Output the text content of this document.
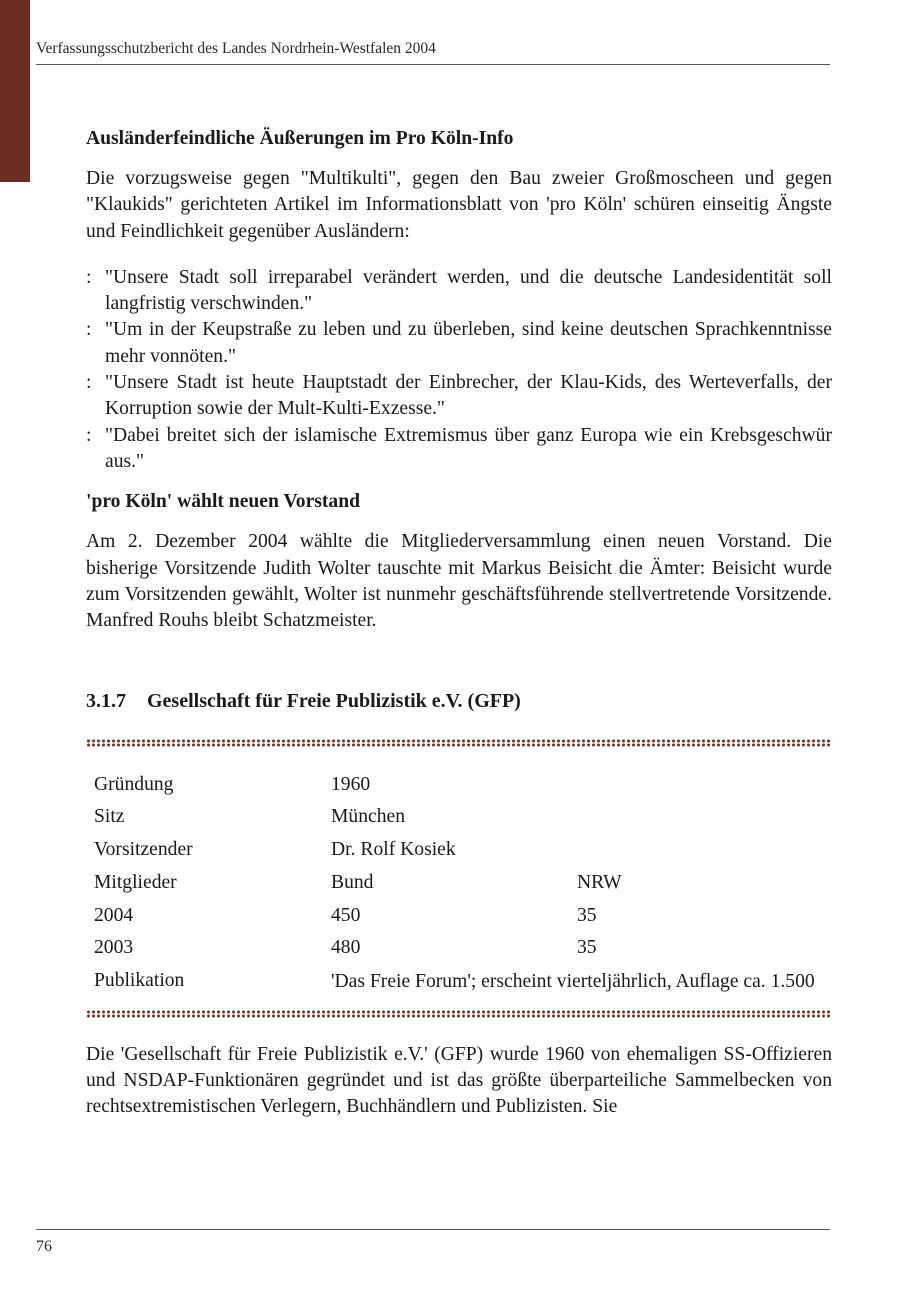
Verfassungsschutzbericht des Landes Nordrhein-Westfalen 2004
Ausländerfeindliche Äußerungen im Pro Köln-Info

Die vorzugsweise gegen "Multikulti", gegen den Bau zweier Großmoscheen und gegen "Klaukids" gerichteten Artikel im Informationsblatt von 'pro Köln' schüren einseitig Ängste und Feindlichkeit gegenüber Ausländern:

: "Unsere Stadt soll irreparabel verändert werden, und die deutsche Landesidentität soll langfristig verschwinden."
: "Um in der Keupstraße zu leben und zu überleben, sind keine deutschen Sprachkenntnisse mehr vonnöten."
: "Unsere Stadt ist heute Hauptstadt der Einbrecher, der Klau-Kids, des Werteverfalls, der Korruption sowie der Mult-Kulti-Exzesse."
: "Dabei breitet sich der islamische Extremismus über ganz Europa wie ein Krebsgeschwür aus."
'pro Köln' wählt neuen Vorstand

Am 2. Dezember 2004 wählte die Mitgliederversammlung einen neuen Vorstand. Die bisherige Vorsitzende Judith Wolter tauschte mit Markus Beisicht die Ämter: Beisicht wurde zum Vorsitzenden gewählt, Wolter ist nunmehr geschäftsführende stellvertretende Vorsitzende. Manfred Rouhs bleibt Schatzmeister.

3.1.7 Gesellschaft für Freie Publizistik e.V. (GFP)
Gründung	1960	
Sitz	München	
Vorsitzender	Dr. Rolf Kosiek	
Mitglieder	Bund	NRW
2004	450	35
2003	480	35
Publikation	'Das Freie Forum'; erscheint vierteljährlich, Auflage ca. 1.500	

Die 'Gesellschaft für Freie Publizistik e.V.' (GFP) wurde 1960 von ehemaligen SS-Offizieren und NSDAP-Funktionären gegründet und ist das größte überparteiliche Sammelbecken von rechtsextremistischen Verlegern, Buchhändlern und Publizisten. Sie

76
